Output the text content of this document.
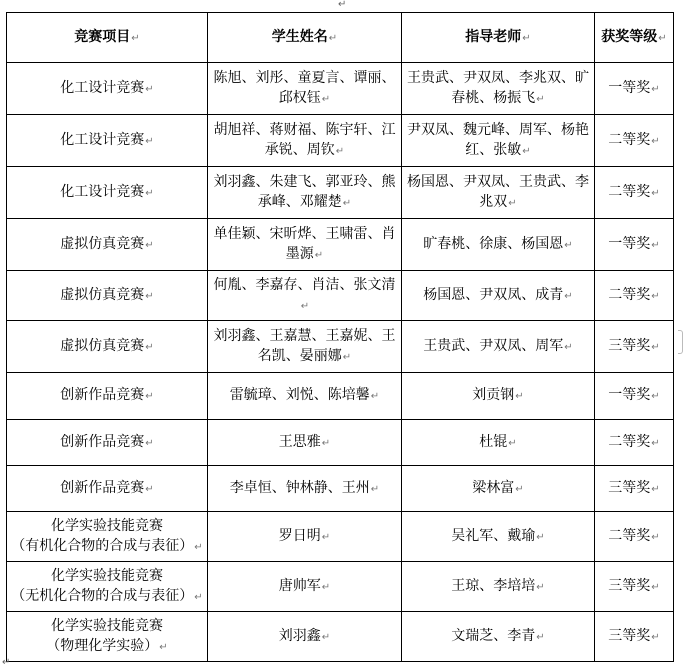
↵
竞赛项目↵	学生姓名↵	指导老师↵	获奖等级↵
化工设计竞赛↵	陈旭、刘彤、童夏言、谭丽、邱权钰↵	王贵武、尹双凤、李兆双、旷春桃、杨振飞↵	一等奖↵
化工设计竞赛↵	胡旭祥、蒋财福、陈宇轩、江承锐、周钦↵	尹双凤、魏元峰、周军、杨艳红、张敏↵	二等奖↵
化工设计竞赛↵	刘羽鑫、朱建飞、郭亚玲、熊承峰、邓耀楚↵	杨国恩、尹双凤、王贵武、李兆双↵	二等奖↵
虚拟仿真竞赛↵	单佳颖、宋昕烨、王啸雷、肖墨源↵	旷春桃、徐康、杨国恩↵	一等奖↵
虚拟仿真竞赛↵	何胤、李嘉存、肖洁、张文清↵	杨国恩、尹双凤、成青↵	二等奖↵
虚拟仿真竞赛↵	刘羽鑫、王嘉慧、王嘉妮、王名凯、晏丽娜↵	王贵武、尹双凤、周军↵	三等奖↵
创新作品竞赛↵	雷毓璋、刘悦、陈培馨↵	刘贡钢↵	一等奖↵
创新作品竞赛↵	王思雅↵	杜锟↵	二等奖↵
创新作品竞赛↵	李卓恒、钟林静、王州↵	梁林富↵	三等奖↵
化学实验技能竞赛
（有机化合物的合成与表征）↵	罗日明↵	吴礼军、戴瑜↵	二等奖↵
化学实验技能竞赛
（无机化合物的合成与表征）↵	唐帅军↵	王琼、李培培↵	三等奖↵
化学实验技能竞赛
（物理化学实验）↵	刘羽鑫↵	文瑞芝、李青↵	三等奖↵
↵
